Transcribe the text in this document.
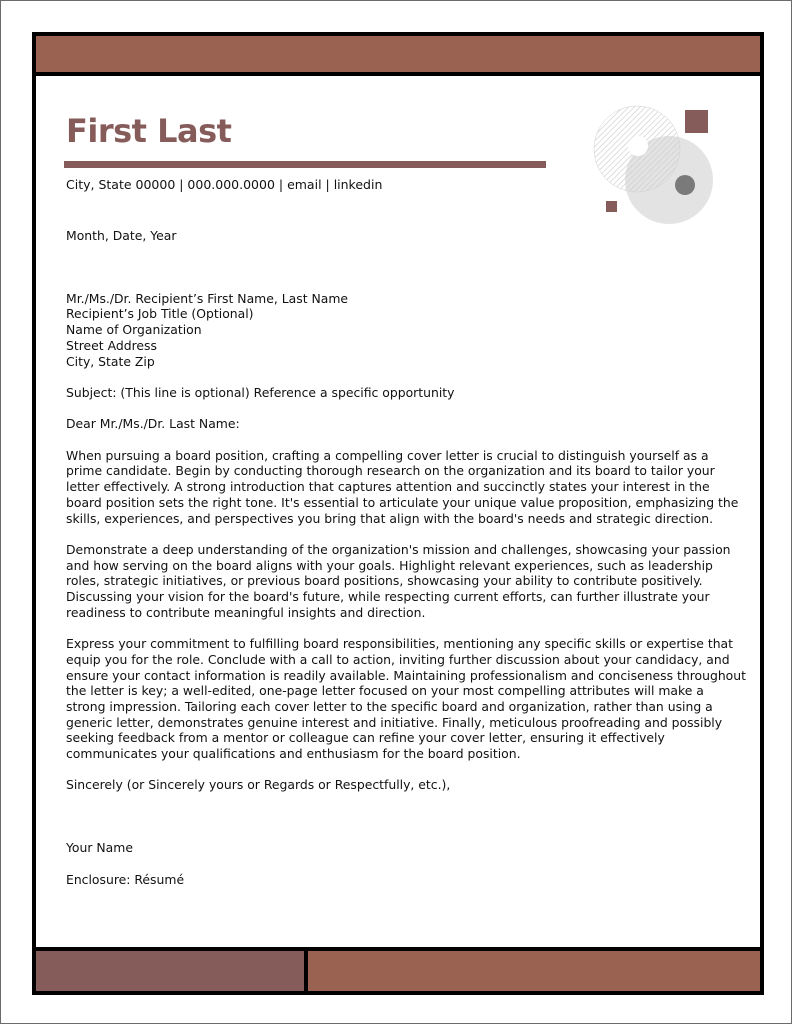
First Last
City, State 00000 | 000.000.0000 | email | linkedin

Month, Date, Year

Mr./Ms./Dr. Recipient’s First Name, Last Name

Recipient’s Job Title (Optional)

Name of Organization

Street Address

City, State Zip

Subject: (This line is optional) Reference a specific opportunity

Dear Mr./Ms./Dr. Last Name:

When pursuing a board position, crafting a compelling cover letter is crucial to distinguish yourself as a prime candidate. Begin by conducting thorough research on the organization and its board to tailor your letter effectively. A strong introduction that captures attention and succinctly states your interest in the board position sets the right tone. It's essential to articulate your unique value proposition, emphasizing the skills, experiences, and perspectives you bring that align with the board's needs and strategic direction.

Demonstrate a deep understanding of the organization's mission and challenges, showcasing your passion and how serving on the board aligns with your goals. Highlight relevant experiences, such as leadership roles, strategic initiatives, or previous board positions, showcasing your ability to contribute positively. Discussing your vision for the board's future, while respecting current efforts, can further illustrate your readiness to contribute meaningful insights and direction.

Express your commitment to fulfilling board responsibilities, mentioning any specific skills or expertise that equip you for the role. Conclude with a call to action, inviting further discussion about your candidacy, and ensure your contact information is readily available. Maintaining professionalism and conciseness throughout the letter is key; a well-edited, one-page letter focused on your most compelling attributes will make a strong impression. Tailoring each cover letter to the specific board and organization, rather than using a generic letter, demonstrates genuine interest and initiative. Finally, meticulous proofreading and possibly seeking feedback from a mentor or colleague can refine your cover letter, ensuring it effectively communicates your qualifications and enthusiasm for the board position.

Sincerely (or Sincerely yours or Regards or Respectfully, etc.),

Your Name

Enclosure: Résumé
